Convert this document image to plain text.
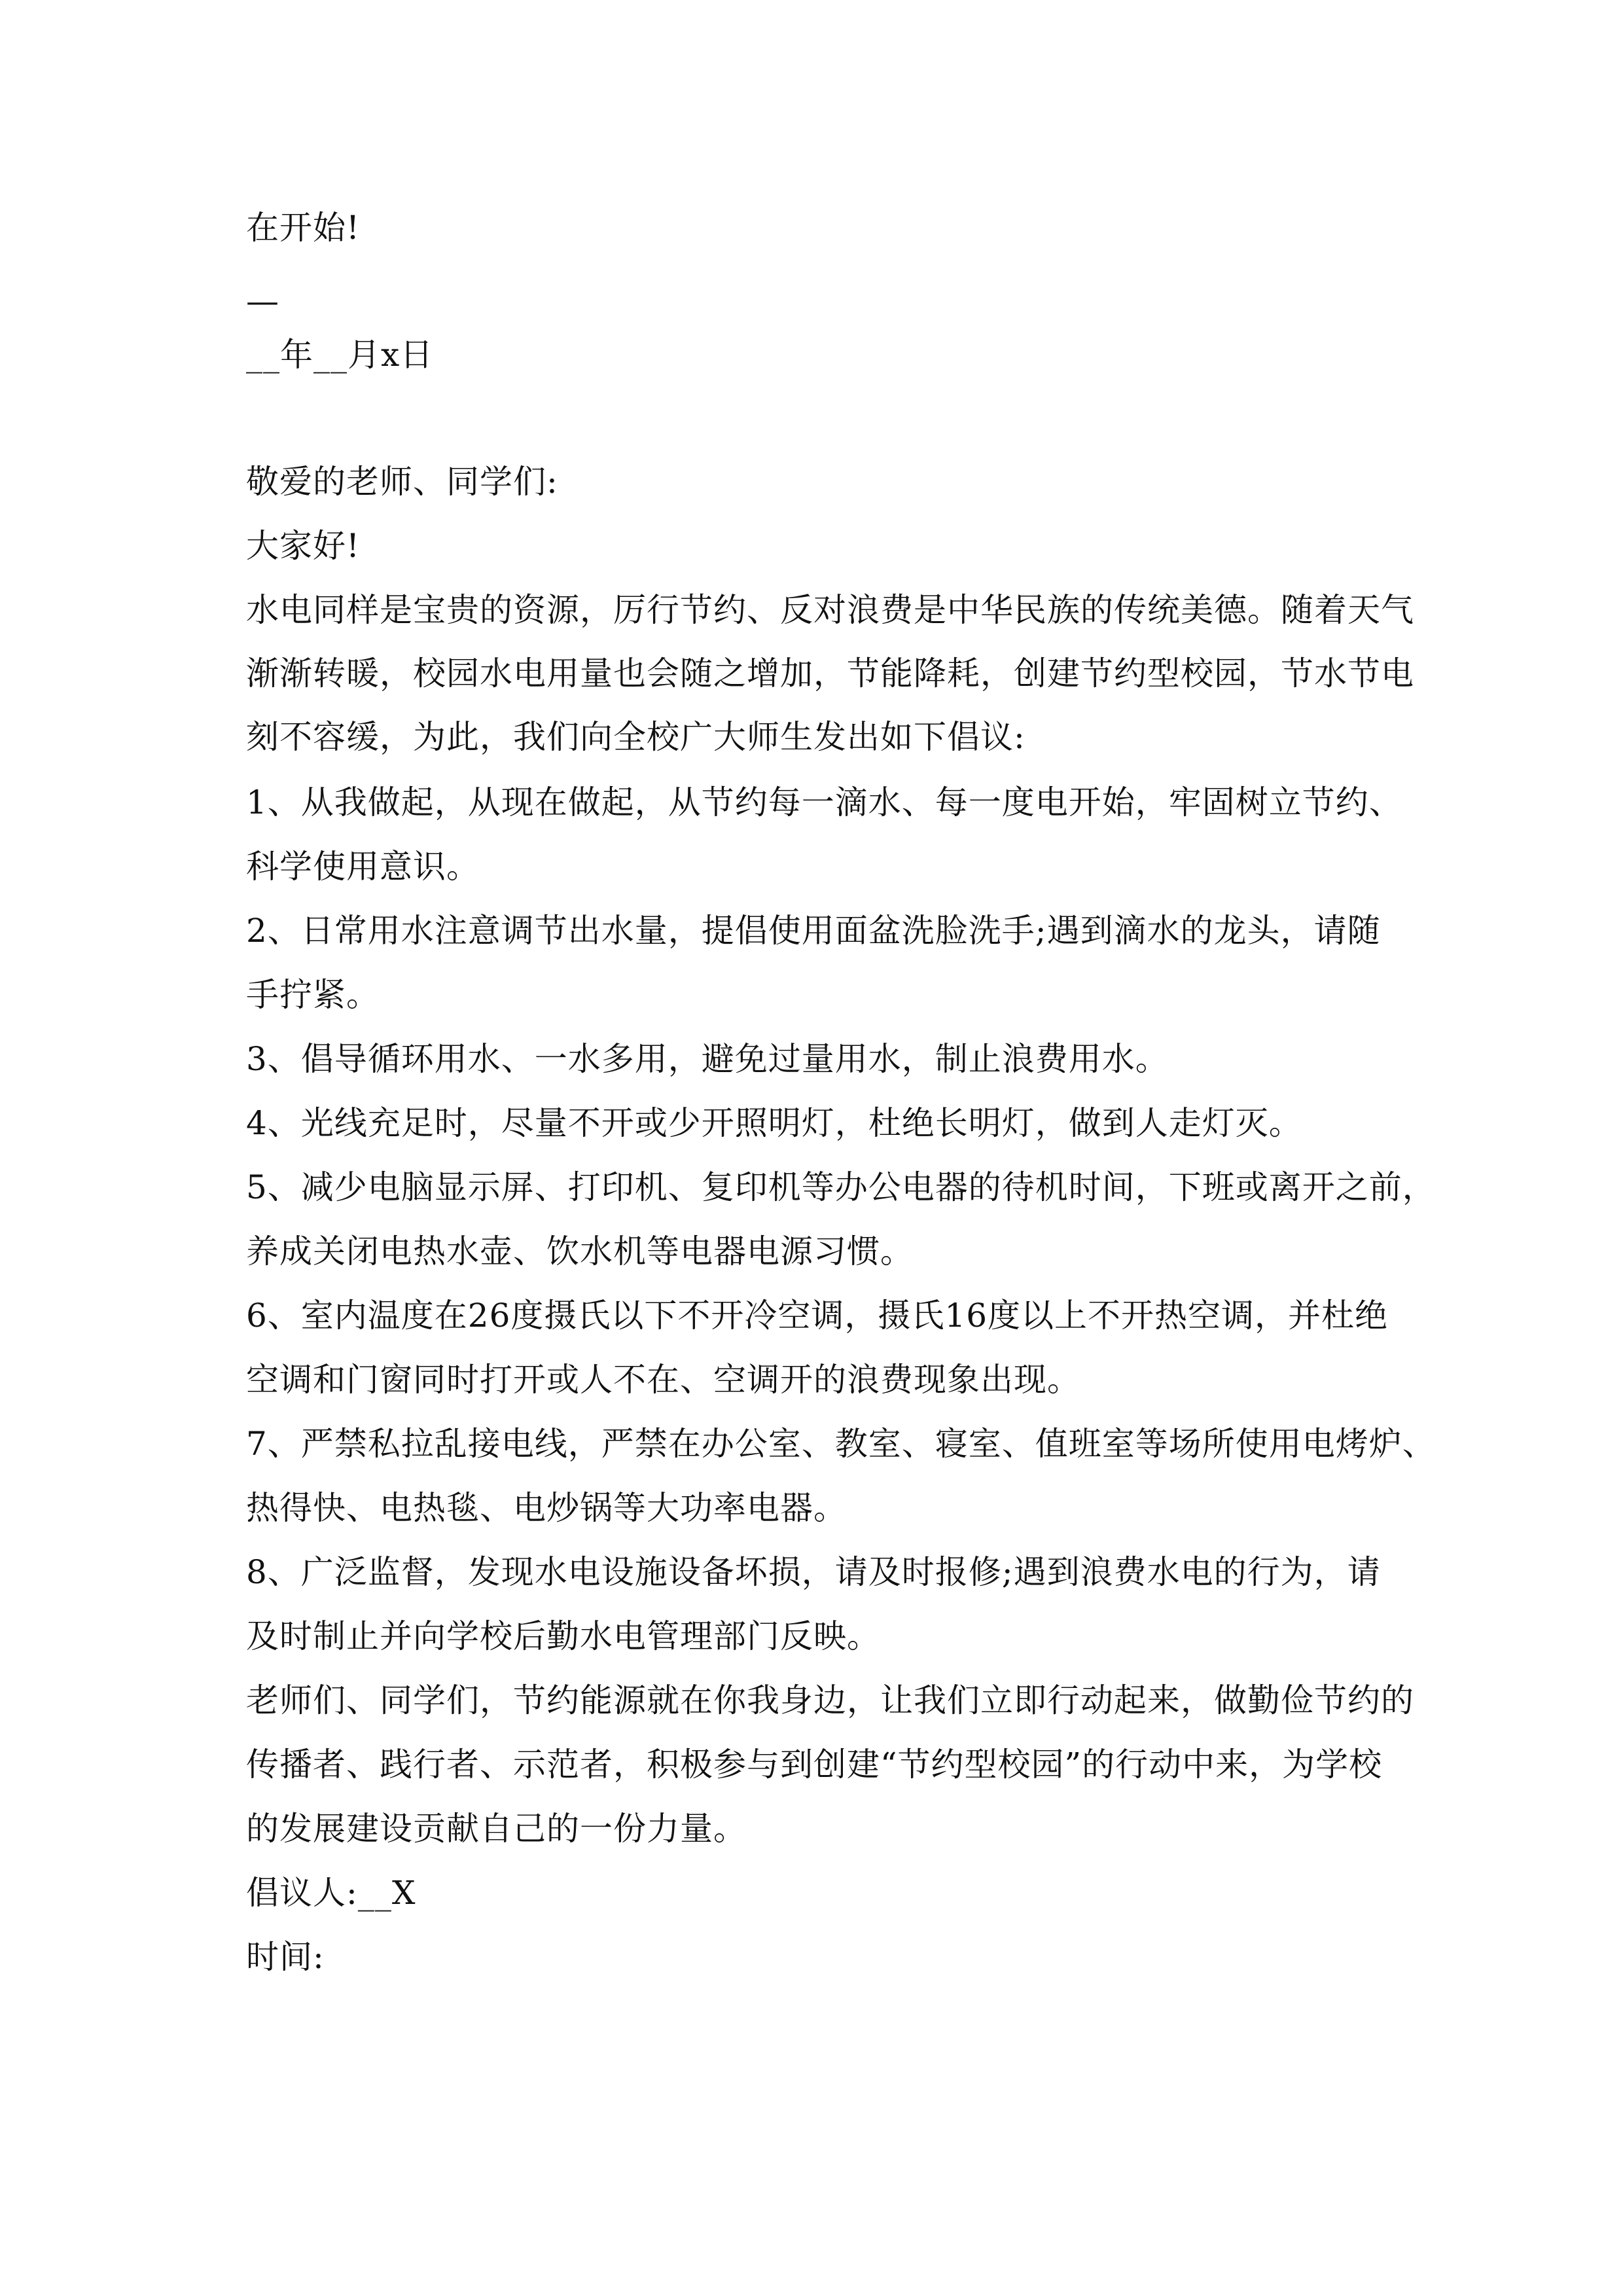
在开始!
—
__年__月x日
敬爱的老师、同学们:
大家好!
水电同样是宝贵的资源，厉行节约、反对浪费是中华民族的传统美德。随着天气
渐渐转暖，校园水电用量也会随之增加，节能降耗，创建节约型校园，节水节电
刻不容缓，为此，我们向全校广大师生发出如下倡议:
1、从我做起，从现在做起，从节约每一滴水、每一度电开始，牢固树立节约、
科学使用意识。
2、日常用水注意调节出水量，提倡使用面盆洗脸洗手;遇到滴水的龙头，请随
手拧紧。
3、倡导循环用水、一水多用，避免过量用水，制止浪费用水。
4、光线充足时，尽量不开或少开照明灯，杜绝长明灯，做到人走灯灭。
5、减少电脑显示屏、打印机、复印机等办公电器的待机时间，下班或离开之前，
养成关闭电热水壶、饮水机等电器电源习惯。
6、室内温度在26度摄氏以下不开冷空调，摄氏16度以上不开热空调，并杜绝
空调和门窗同时打开或人不在、空调开的浪费现象出现。
7、严禁私拉乱接电线，严禁在办公室、教室、寝室、值班室等场所使用电烤炉、
热得快、电热毯、电炒锅等大功率电器。
8、广泛监督，发现水电设施设备坏损，请及时报修;遇到浪费水电的行为，请
及时制止并向学校后勤水电管理部门反映。
老师们、同学们，节约能源就在你我身边，让我们立即行动起来，做勤俭节约的
传播者、践行者、示范者，积极参与到创建“节约型校园”的行动中来，为学校
的发展建设贡献自己的一份力量。
倡议人:__X
时间:
